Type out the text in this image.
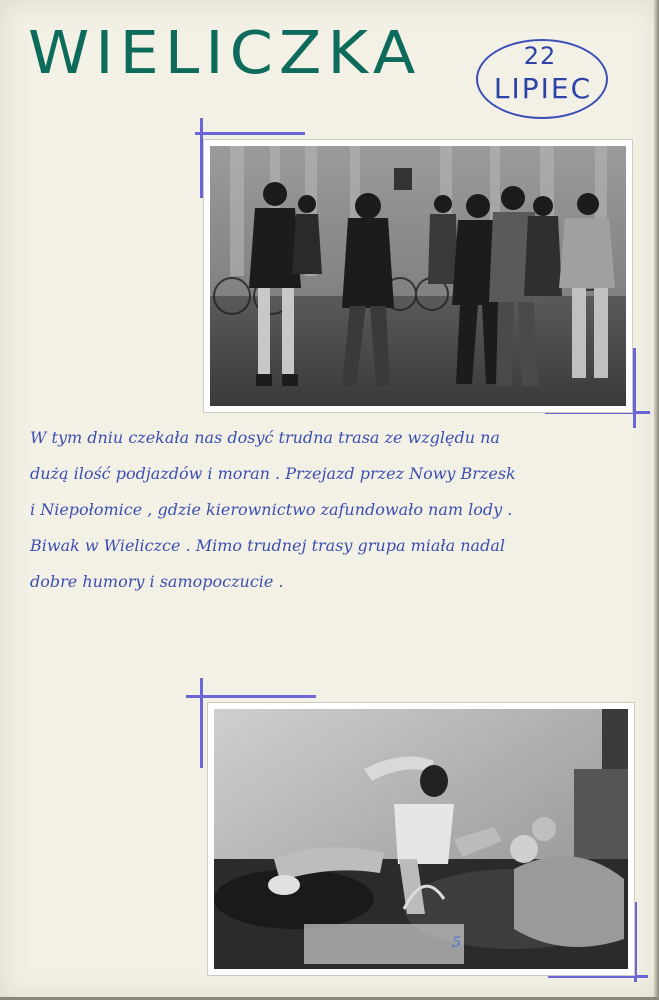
WIELICZKA	22
LIPIEC
W tym dniu czekała nas dosyć trudna trasa ze względu na
dużą ilość podjazdów i moran . Przejazd przez Nowy Brzesk
i Niepołomice , gdzie kierownictwo zafundowało nam lody .
Biwak w Wieliczce . Mimo trudnej trasy grupa miała nadal
dobre humory i samopoczucie .
5
